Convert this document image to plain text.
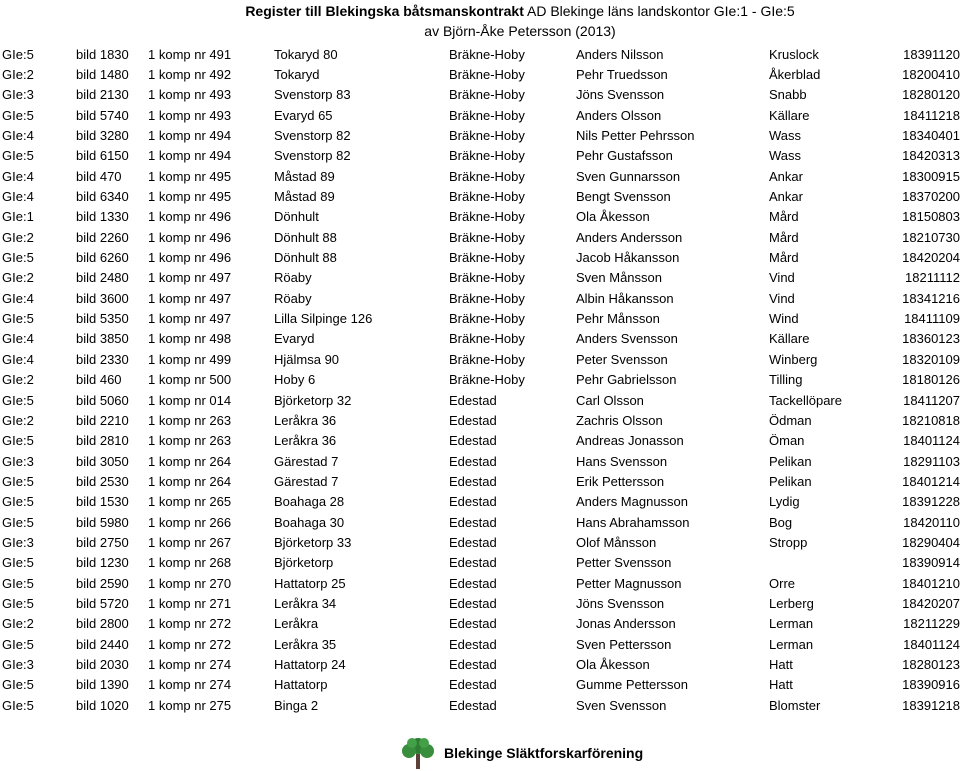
Register till Blekingska båtsmanskontrakt AD Blekinge läns landskontor GIe:1 - GIe:5
av Björn-Åke Petersson (2013)
GIe:5	bild 1830	1 komp nr 491	Tokaryd 80	Bräkne-Hoby	Anders Nilsson	Kruslock	18391120
GIe:2	bild 1480	1 komp nr 492	Tokaryd	Bräkne-Hoby	Pehr Truedsson	Åkerblad	18200410
GIe:3	bild 2130	1 komp nr 493	Svenstorp 83	Bräkne-Hoby	Jöns Svensson	Snabb	18280120
GIe:5	bild 5740	1 komp nr 493	Evaryd 65	Bräkne-Hoby	Anders Olsson	Källare	18411218
GIe:4	bild 3280	1 komp nr 494	Svenstorp 82	Bräkne-Hoby	Nils Petter Pehrsson	Wass	18340401
GIe:5	bild 6150	1 komp nr 494	Svenstorp 82	Bräkne-Hoby	Pehr Gustafsson	Wass	18420313
GIe:4	bild 470	1 komp nr 495	Måstad 89	Bräkne-Hoby	Sven Gunnarsson	Ankar	18300915
GIe:4	bild 6340	1 komp nr 495	Måstad 89	Bräkne-Hoby	Bengt Svensson	Ankar	18370200
GIe:1	bild 1330	1 komp nr 496	Dönhult	Bräkne-Hoby	Ola Åkesson	Mård	18150803
GIe:2	bild 2260	1 komp nr 496	Dönhult 88	Bräkne-Hoby	Anders Andersson	Mård	18210730
GIe:5	bild 6260	1 komp nr 496	Dönhult 88	Bräkne-Hoby	Jacob Håkansson	Mård	18420204
GIe:2	bild 2480	1 komp nr 497	Röaby	Bräkne-Hoby	Sven Månsson	Vind	18211112
GIe:4	bild 3600	1 komp nr 497	Röaby	Bräkne-Hoby	Albin Håkansson	Vind	18341216
GIe:5	bild 5350	1 komp nr 497	Lilla Silpinge 126	Bräkne-Hoby	Pehr Månsson	Wind	18411109
GIe:4	bild 3850	1 komp nr 498	Evaryd	Bräkne-Hoby	Anders Svensson	Källare	18360123
GIe:4	bild 2330	1 komp nr 499	Hjälmsa 90	Bräkne-Hoby	Peter Svensson	Winberg	18320109
GIe:2	bild 460	1 komp nr 500	Hoby 6	Bräkne-Hoby	Pehr Gabrielsson	Tilling	18180126
GIe:5	bild 5060	1 komp nr 014	Björketorp 32	Edestad	Carl Olsson	Tackellöpare	18411207
GIe:2	bild 2210	1 komp nr 263	Leråkra 36	Edestad	Zachris Olsson	Ödman	18210818
GIe:5	bild 2810	1 komp nr 263	Leråkra 36	Edestad	Andreas Jonasson	Öman	18401124
GIe:3	bild 3050	1 komp nr 264	Gärestad 7	Edestad	Hans Svensson	Pelikan	18291103
GIe:5	bild 2530	1 komp nr 264	Gärestad 7	Edestad	Erik Pettersson	Pelikan	18401214
GIe:5	bild 1530	1 komp nr 265	Boahaga 28	Edestad	Anders Magnusson	Lydig	18391228
GIe:5	bild 5980	1 komp nr 266	Boahaga 30	Edestad	Hans Abrahamsson	Bog	18420110
GIe:3	bild 2750	1 komp nr 267	Björketorp 33	Edestad	Olof Månsson	Stropp	18290404
GIe:5	bild 1230	1 komp nr 268	Björketorp	Edestad	Petter Svensson		18390914
GIe:5	bild 2590	1 komp nr 270	Hattatorp 25	Edestad	Petter Magnusson	Orre	18401210
GIe:5	bild 5720	1 komp nr 271	Leråkra 34	Edestad	Jöns Svensson	Lerberg	18420207
GIe:2	bild 2800	1 komp nr 272	Leråkra	Edestad	Jonas Andersson	Lerman	18211229
GIe:5	bild 2440	1 komp nr 272	Leråkra 35	Edestad	Sven Pettersson	Lerman	18401124
GIe:3	bild 2030	1 komp nr 274	Hattatorp 24	Edestad	Ola Åkesson	Hatt	18280123
GIe:5	bild 1390	1 komp nr 274	Hattatorp	Edestad	Gumme Pettersson	Hatt	18390916
GIe:5	bild 1020	1 komp nr 275	Binga 2	Edestad	Sven Svensson	Blomster	18391218
Blekinge Släktforskarförening
